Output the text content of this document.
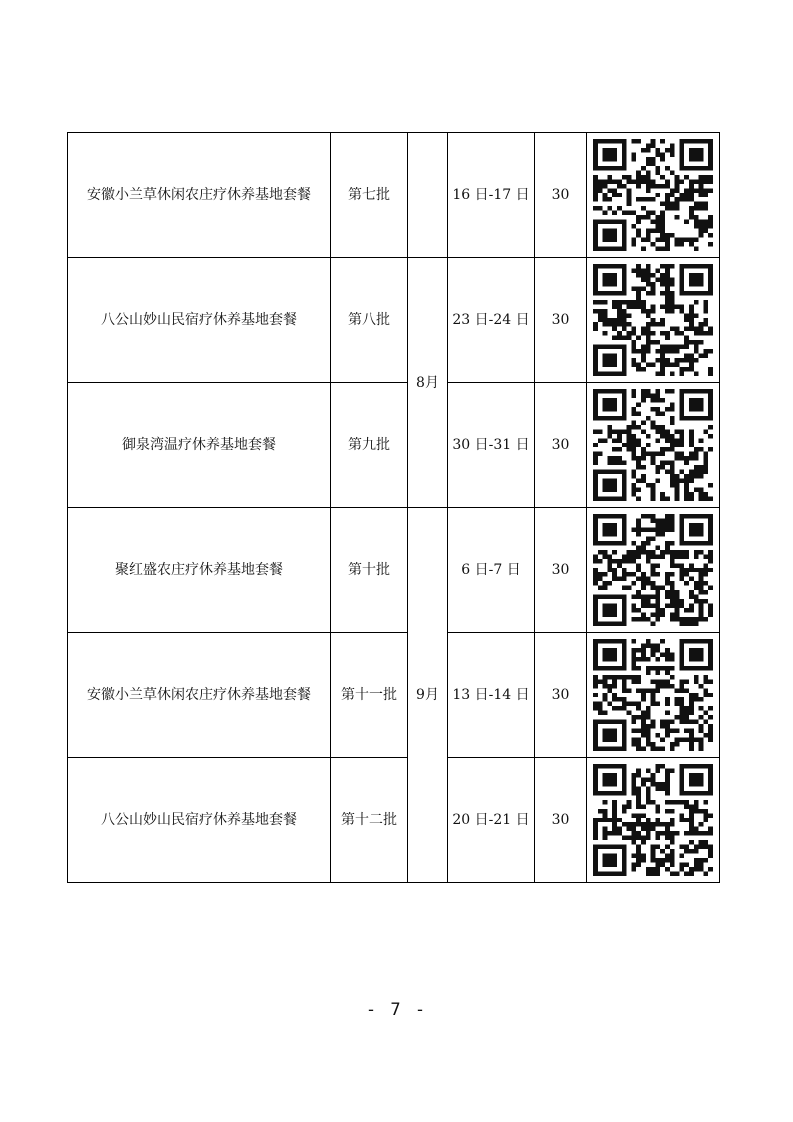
安徽小兰草休闲农庄疗休养基地套餐	第七批		16 日-17 日	30	

八公山妙山民宿疗休养基地套餐	第八批	8月	23 日-24 日	30	

御泉湾温疗休养基地套餐	第九批		30 日-31 日	30	

聚红盛农庄疗休养基地套餐	第十批	9月	6 日-7 日	30	

安徽小兰草休闲农庄疗休养基地套餐	第十一批		13 日-14 日	30	

八公山妙山民宿疗休养基地套餐	第十二批		20 日-21 日	30	
- 7 -
